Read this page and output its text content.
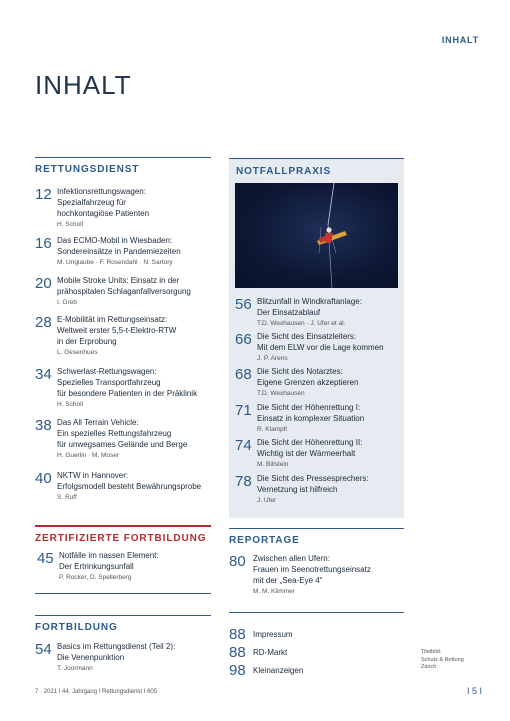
INHALT
INHALT
RETTUNGSDIENST
12 Infektionsrettungswagen:
Spezialfahrzeug für
hochkontagiöse Patienten
H. Scholl
16 Das ECMO-Mobil in Wiesbaden:
Sondereinsätze in Pandemiezeiten
M. Unglaube · F. Rosendahl · N. Sartory
20 Mobile Stroke Units: Einsatz in der
prähospitalen Schlaganfallversorgung
I. Greb
28 E-Mobilität im Rettungseinsatz:
Weltweit erster 5,5-t-Elektro-RTW
in der Erprobung
L. Gesenhues
34 Schwerlast-Rettungswagen:
Spezielles Transportfahrzeug
für besondere Patienten in der Präklinik
H. Scholl
38 Das All Terrain Vehicle:
Ein spezielles Rettungsfahrzeug
für unwegsames Gelände und Berge
H. Guerlin · M. Moser
40 NKTW in Hannover:
Erfolgsmodell besteht Bewährungsprobe
S. Ruff
ZERTIFIZIERTE FORTBILDUNG
45 Notfälle im nassen Element:
Der Ertrinkungsunfall
P. Rocker, D. Spellerberg
FORTBILDUNG
54 Basics im Rettungsdienst (Teil 2):
Die Venenpunktion
T. Joormann
NOTFALLPRAXIS
56 Blitzunfall in Windkraftanlage:
Der Einsatzablauf
T.D. Wexhausen · J. Ufer et al.
66 Die Sicht des Einsatzleiters:
Mit dem ELW vor die Lage kommen
J. P. Arens
68 Die Sicht des Notarztes:
Eigene Grenzen akzeptieren
T.D. Wexhausen
71 Die Sicht der Höhenrettung I:
Einsatz in komplexer Situation
R. Klampfl
74 Die Sicht der Höhenrettung II:
Wichtig ist der Wärmeerhalt
M. Billstein
78 Die Sicht des Pressesprechers:
Vernetzung ist hilfreich
J. Ufer
REPORTAGE
80 Zwischen allen Ufern:
Frauen im Seenotrettungseinsatz
mit der „Sea-Eye 4“
M. M. Klimmer
88 Impressum
88 RD-Markt
98 Kleinanzeigen
Titelbild:
Schutz & Rettung
Zürich
7 · 2021 I 44. Jahrgang I Rettungsdienst I 605	I 5 I
